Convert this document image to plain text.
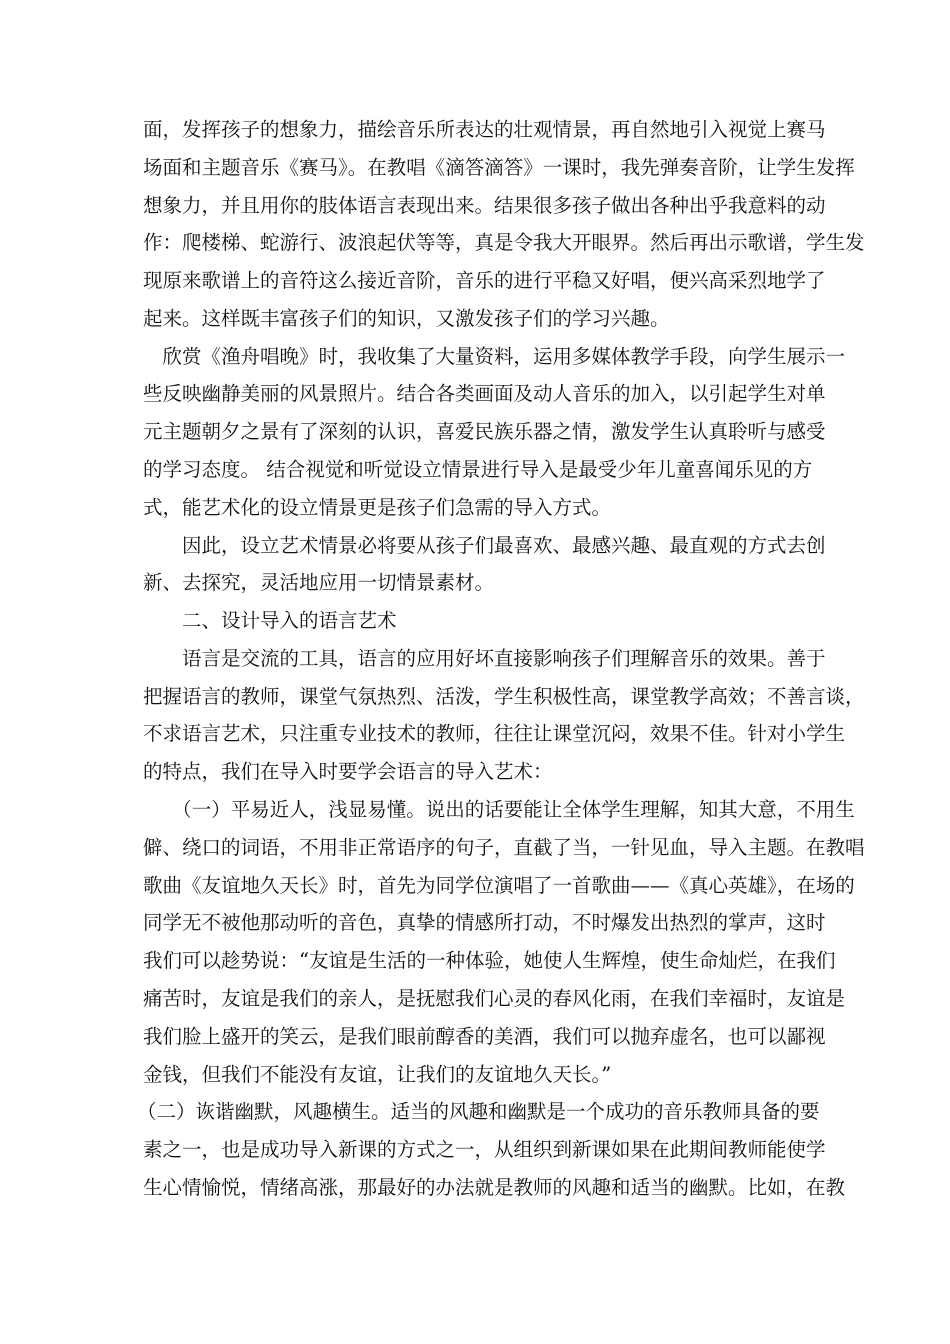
面，发挥孩子的想象力，描绘音乐所表达的壮观情景，再自然地引入视觉上赛马
场面和主题音乐《赛马》。在教唱《滴答滴答》一课时，我先弹奏音阶，让学生发挥
想象力，并且用你的肢体语言表现出来。结果很多孩子做出各种出乎我意料的动
作：爬楼梯、蛇游行、波浪起伏等等，真是令我大开眼界。然后再出示歌谱，学生发
现原来歌谱上的音符这么接近音阶，音乐的进行平稳又好唱，便兴高采烈地学了
起来。这样既丰富孩子们的知识，又激发孩子们的学习兴趣。
　欣赏《渔舟唱晚》时，我收集了大量资料，运用多媒体教学手段，向学生展示一
些反映幽静美丽的风景照片。结合各类画面及动人音乐的加入，以引起学生对单
元主题朝夕之景有了深刻的认识，喜爱民族乐器之情，激发学生认真聆听与感受
的学习态度。 结合视觉和听觉设立情景进行导入是最受少年儿童喜闻乐见的方
式，能艺术化的设立情景更是孩子们急需的导入方式。
　　因此，设立艺术情景必将要从孩子们最喜欢、最感兴趣、最直观的方式去创
新、去探究，灵活地应用一切情景素材。
　　二、设计导入的语言艺术
　　语言是交流的工具，语言的应用好坏直接影响孩子们理解音乐的效果。善于
把握语言的教师，课堂气氛热烈、活泼，学生积极性高，课堂教学高效；不善言谈，
不求语言艺术，只注重专业技术的教师，往往让课堂沉闷，效果不佳。针对小学生
的特点，我们在导入时要学会语言的导入艺术：
　　（一）平易近人，浅显易懂。说出的话要能让全体学生理解，知其大意，不用生
僻、绕口的词语，不用非正常语序的句子，直截了当，一针见血，导入主题。在教唱
歌曲《友谊地久天长》时，首先为同学位演唱了一首歌曲——《真心英雄》，在场的
同学无不被他那动听的音色，真挚的情感所打动，不时爆发出热烈的掌声，这时
我们可以趁势说：“友谊是生活的一种体验，她使人生辉煌，使生命灿烂，在我们
痛苦时，友谊是我们的亲人，是抚慰我们心灵的春风化雨，在我们幸福时，友谊是
我们脸上盛开的笑云，是我们眼前醇香的美酒，我们可以抛弃虚名，也可以鄙视
金钱，但我们不能没有友谊，让我们的友谊地久天长。”
（二）诙谐幽默，风趣横生。适当的风趣和幽默是一个成功的音乐教师具备的要
素之一，也是成功导入新课的方式之一，从组织到新课如果在此期间教师能使学
生心情愉悦，情绪高涨，那最好的办法就是教师的风趣和适当的幽默。比如，在教
